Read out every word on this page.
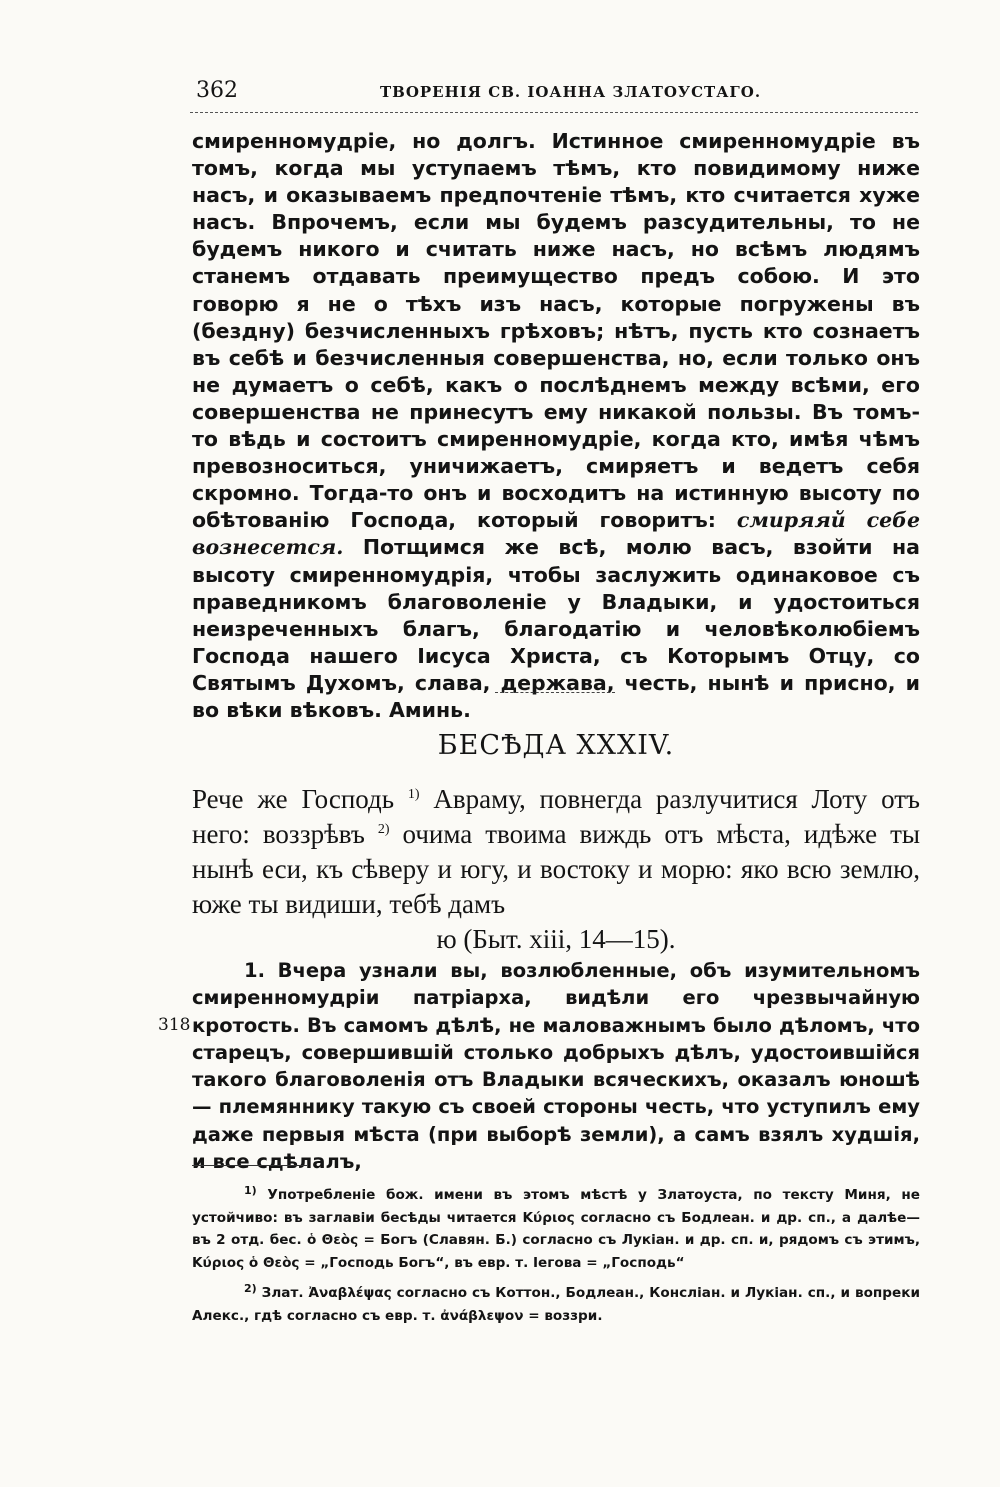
362	ТВОРЕНІЯ СВ. ІОАННА ЗЛАТОУСТАГО.

смиренномудріе, но долгъ. Истинное смиренномудріе въ томъ, когда мы уступаемъ тѣмъ, кто повидимому ниже насъ, и оказываемъ предпочтеніе тѣмъ, кто считается хуже насъ. Впрочемъ, если мы будемъ разсудительны, то не будемъ никого и считать ниже насъ, но всѣмъ людямъ станемъ отдавать преимущество предъ собою. И это говорю я не о тѣхъ изъ насъ, которые погружены въ (бездну) безчисленныхъ грѣховъ; нѣтъ, пусть кто сознаетъ въ себѣ и безчисленныя совершенства, но, если только онъ не думаетъ о себѣ, какъ о послѣднемъ между всѣми, его совершенства не принесутъ ему никакой пользы. Въ томъ-то вѣдь и состоитъ смиренномудріе, когда кто, имѣя чѣмъ превозноситься, уничижаетъ, смиряетъ и ведетъ себя скромно. Тогда-то онъ и восходитъ на истинную высоту по обѣтованію Господа, который говоритъ: смиряяй себе вознесется. Потщимся же всѣ, молю васъ, взойти на высоту смиренномудрія, чтобы заслужить одинаковое съ праведникомъ благоволеніе у Владыки, и удостоиться неизреченныхъ благъ, благодатію и человѣколюбіемъ Господа нашего Іисуса Христа, съ Которымъ Отцу, со Святымъ Духомъ, слава, держава, честь, нынѣ и присно, и во вѣки вѣковъ. Аминь.

БЕСѢДА XXXIV.

Рече же Господь $^{1)}$ Авраму, повнегда разлучитися Лоту отъ него: воззрѣвъ $^{2)}$ очима твоима виждь отъ мѣста, идѣже ты нынѣ еси, къ сѣверу и югу, и востоку и морю: яко всю землю, юже ты видиши, тебѣ дамъ

ю (Быт. xiii, 14—15).

1. Вчера узнали вы, возлюбленные, объ изумительномъ смиренномудріи патріарха, видѣли его чрезвычайную кротость. Въ самомъ дѣлѣ, не маловажнымъ было дѣломъ, что старецъ, совершившій столько добрыхъ дѣлъ, удостоившійся такого благоволенія отъ Владыки всяческихъ, оказалъ юношѣ — племяннику такую съ своей стороны честь, что уступилъ ему даже первыя мѣста (при выборѣ земли), а самъ взялъ худшія, и все сдѣлалъ,

318

$^{1)}$ Употребленіе бож. имени въ этомъ мѣстѣ у Златоуста, по тексту Миня, не устойчиво: въ заглавіи бесѣды читается Κύριος согласно съ Бодлеан. и др. сп., а далѣе—въ 2 отд. бес. ὁ Θεὸς = Богъ (Славян. Б.) согласно съ Лукіан. и др. сп. и, рядомъ съ этимъ, Κύριος ὁ Θεὸς = „Господь Богъ“, въ евр. т. Іегова = „Господь“

$^{2)}$ Злат. Ἀναβλέψας согласно съ Коттон., Бодлеан., Консліан. и Лукіан. сп., и вопреки Алекс., гдѣ согласно съ евр. т. ἀνάβλεψον = воззри.
